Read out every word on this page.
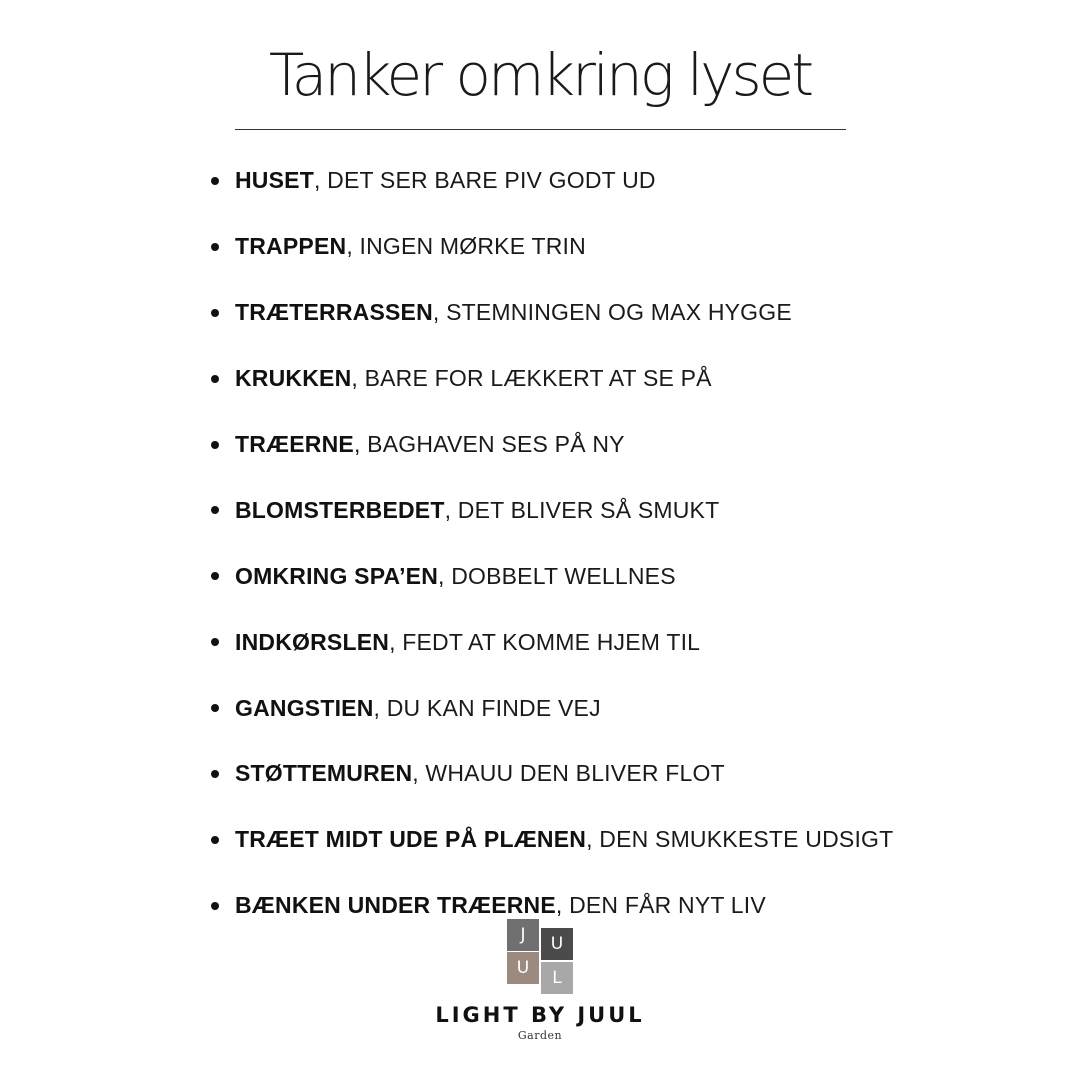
Tanker omkring lyset
HUSET , DET SER BARE PIV GODT UD
TRAPPEN , INGEN MØRKE TRIN
TRÆTERRASSEN , STEMNINGEN OG MAX HYGGE
KRUKKEN , BARE FOR LÆKKERT AT SE PÅ
TRÆERNE , BAGHAVEN SES PÅ NY
BLOMSTERBEDET , DET BLIVER SÅ SMUKT
OMKRING SPA’EN , DOBBELT WELLNES
INDKØRSLEN , FEDT AT KOMME HJEM TIL
GANGSTIEN , DU KAN FINDE VEJ
STØTTEMUREN , WHAUU DEN BLIVER FLOT
TRÆET MIDT UDE PÅ PLÆNEN , DEN SMUKKESTE UDSIGT
BÆNKEN UNDER TRÆERNE , DEN FÅR NYT LIV
J	U
U	L
LIGHT BY JUUL
Garden
